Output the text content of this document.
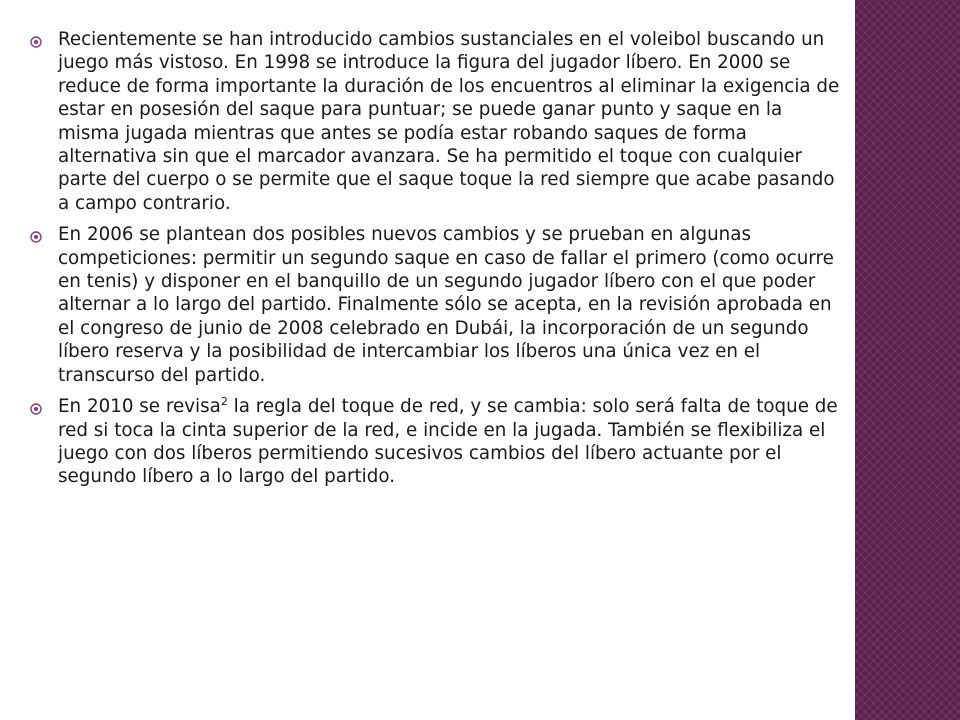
Recientemente se han introducido cambios sustanciales en el voleibol buscando un juego más vistoso. En 1998 se introduce la figura del jugador líbero. En 2000 se reduce de forma importante la duración de los encuentros al eliminar la exigencia de estar en posesión del saque para puntuar; se puede ganar punto y saque en la misma jugada mientras que antes se podía estar robando saques de forma alternativa sin que el marcador avanzara. Se ha permitido el toque con cualquier parte del cuerpo o se permite que el saque toque la red siempre que acabe pasando a campo contrario.

En 2006 se plantean dos posibles nuevos cambios y se prueban en algunas competiciones: permitir un segundo saque en caso de fallar el primero (como ocurre en tenis) y disponer en el banquillo de un segundo jugador líbero con el que poder alternar a lo largo del partido. Finalmente sólo se acepta, en la revisión aprobada en el congreso de junio de 2008 celebrado en Dubái, la incorporación de un segundo líbero reserva y la posibilidad de intercambiar los líberos una única vez en el transcurso del partido.

En 2010 se revisa$^2$ la regla del toque de red, y se cambia: solo será falta de toque de red si toca la cinta superior de la red, e incide en la jugada. También se flexibiliza el juego con dos líberos permitiendo sucesivos cambios del líbero actuante por el segundo líbero a lo largo del partido.
